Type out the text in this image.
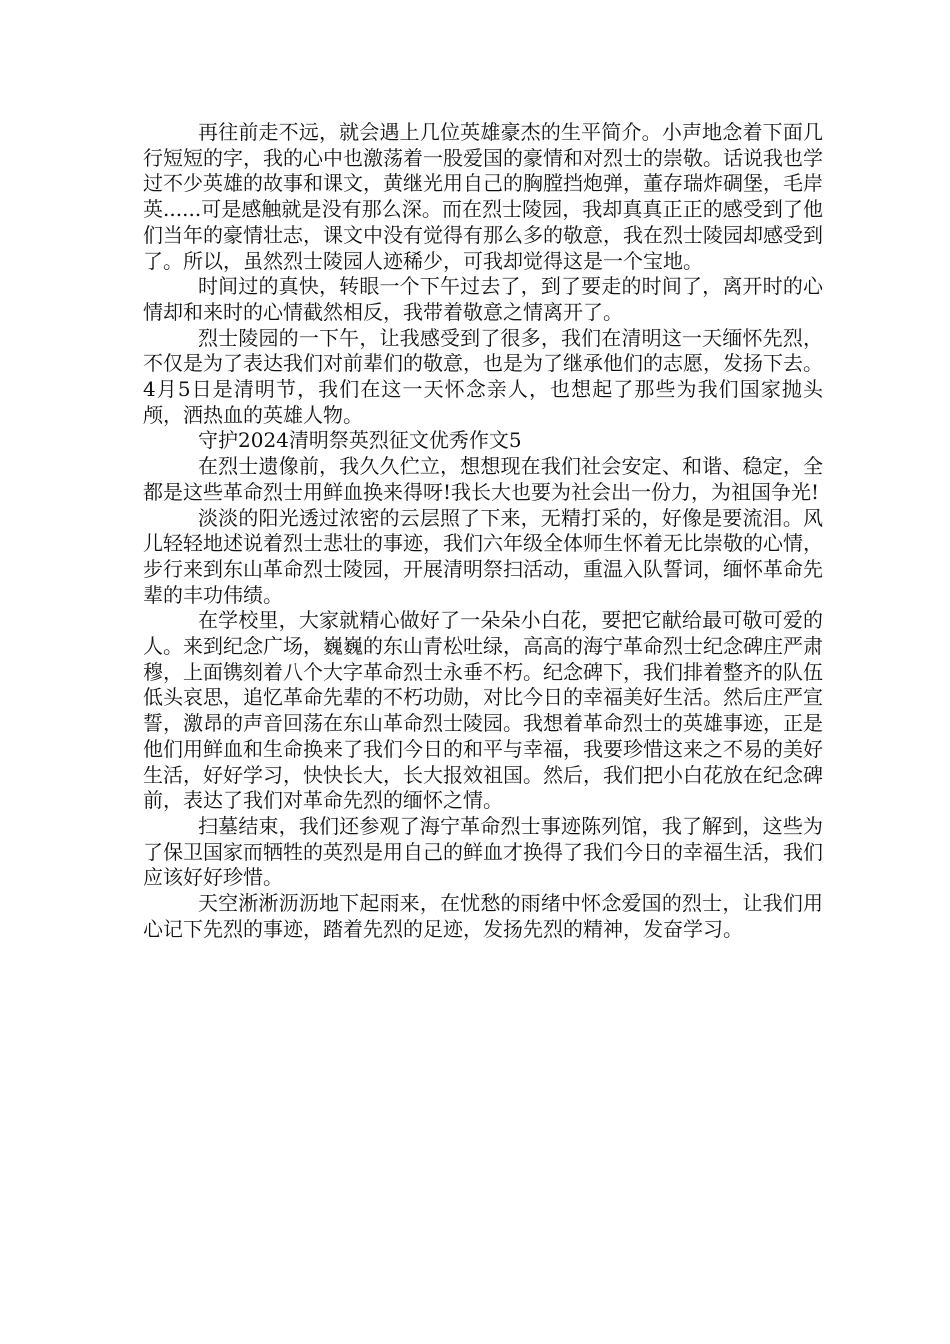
再往前走不远，就会遇上几位英雄豪杰的生平简介。小声地念着下面几行短短的字，我的心中也激荡着一股爱国的豪情和对烈士的崇敬。话说我也学过不少英雄的故事和课文，黄继光用自己的胸膛挡炮弹，董存瑞炸碉堡，毛岸英......可是感触就是没有那么深。而在烈士陵园，我却真真正正的感受到了他们当年的豪情壮志，课文中没有觉得有那么多的敬意，我在烈士陵园却感受到了。所以，虽然烈士陵园人迹稀少，可我却觉得这是一个宝地。

时间过的真快，转眼一个下午过去了，到了要走的时间了，离开时的心情却和来时的心情截然相反，我带着敬意之情离开了。

烈士陵园的一下午，让我感受到了很多，我们在清明这一天缅怀先烈，不仅是为了表达我们对前辈们的敬意，也是为了继承他们的志愿，发扬下去。4月5日是清明节，我们在这一天怀念亲人，也想起了那些为我们国家抛头颅，洒热血的英雄人物。

守护2024清明祭英烈征文优秀作文5

在烈士遗像前，我久久伫立，想想现在我们社会安定、和谐、稳定，全都是这些革命烈士用鲜血换来得呀!我长大也要为社会出一份力，为祖国争光!

淡淡的阳光透过浓密的云层照了下来，无精打采的，好像是要流泪。风儿轻轻地述说着烈士悲壮的事迹，我们六年级全体师生怀着无比崇敬的心情，步行来到东山革命烈士陵园，开展清明祭扫活动，重温入队誓词，缅怀革命先辈的丰功伟绩。

在学校里，大家就精心做好了一朵朵小白花，要把它献给最可敬可爱的人。来到纪念广场，巍巍的东山青松吐绿，高高的海宁革命烈士纪念碑庄严肃穆，上面镌刻着八个大字革命烈士永垂不朽。纪念碑下，我们排着整齐的队伍低头哀思，追忆革命先辈的不朽功勋，对比今日的幸福美好生活。然后庄严宣誓，激昂的声音回荡在东山革命烈士陵园。我想着革命烈士的英雄事迹，正是他们用鲜血和生命换来了我们今日的和平与幸福，我要珍惜这来之不易的美好生活，好好学习，快快长大，长大报效祖国。然后，我们把小白花放在纪念碑前，表达了我们对革命先烈的缅怀之情。

扫墓结束，我们还参观了海宁革命烈士事迹陈列馆，我了解到，这些为了保卫国家而牺牲的英烈是用自己的鲜血才换得了我们今日的幸福生活，我们应该好好珍惜。

天空淅淅沥沥地下起雨来，在忧愁的雨绪中怀念爱国的烈士，让我们用心记下先烈的事迹，踏着先烈的足迹，发扬先烈的精神，发奋学习。
